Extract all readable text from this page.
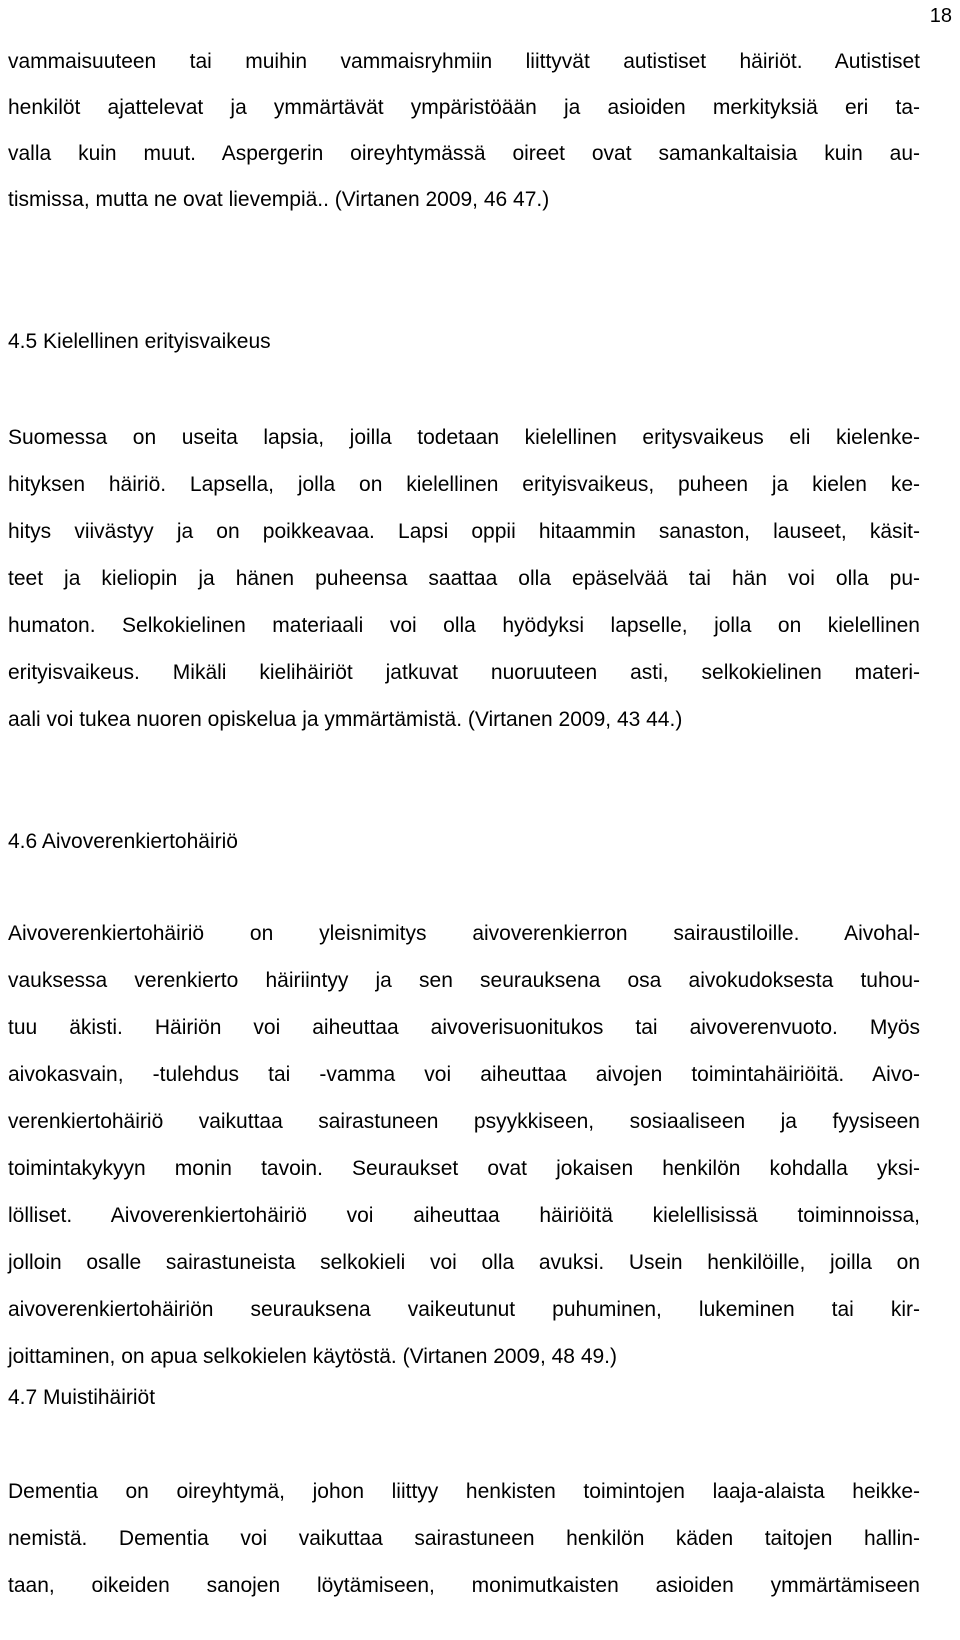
18
vammaisuuteen tai muihin vammaisryhmiin liittyvät autistiset häiriöt. Autistiset
henkilöt ajattelevat ja ymmärtävät ympäristöään ja asioiden merkityksiä eri ta-
valla kuin muut. Aspergerin oireyhtymässä oireet ovat samankaltaisia kuin au-
tismissa, mutta ne ovat lievempiä.. (Virtanen 2009, 46 47.)
4.5 Kielellinen erityisvaikeus
Suomessa on useita lapsia, joilla todetaan kielellinen eritysvaikeus eli kielenke-
hityksen häiriö. Lapsella, jolla on kielellinen erityisvaikeus, puheen ja kielen ke-
hitys viivästyy ja on poikkeavaa. Lapsi oppii hitaammin sanaston, lauseet, käsit-
teet ja kieliopin ja hänen puheensa saattaa olla epäselvää tai hän voi olla pu-
humaton. Selkokielinen materiaali voi olla hyödyksi lapselle, jolla on kielellinen
erityisvaikeus. Mikäli kielihäiriöt jatkuvat nuoruuteen asti, selkokielinen materi-
aali voi tukea nuoren opiskelua ja ymmärtämistä. (Virtanen 2009, 43 44.)
4.6 Aivoverenkiertohäiriö
Aivoverenkiertohäiriö on yleisnimitys aivoverenkierron sairaustiloille. Aivohal-
vauksessa verenkierto häiriintyy ja sen seurauksena osa aivokudoksesta tuhou-
tuu äkisti. Häiriön voi aiheuttaa aivoverisuonitukos tai aivoverenvuoto. Myös
aivokasvain, -tulehdus tai -vamma voi aiheuttaa aivojen toimintahäiriöitä. Aivo-
verenkiertohäiriö vaikuttaa sairastuneen psyykkiseen, sosiaaliseen ja fyysiseen
toimintakykyyn monin tavoin. Seuraukset ovat jokaisen henkilön kohdalla yksi-
lölliset. Aivoverenkiertohäiriö voi aiheuttaa häiriöitä kielellisissä toiminnoissa,
jolloin osalle sairastuneista selkokieli voi olla avuksi. Usein henkilöille, joilla on
aivoverenkiertohäiriön seurauksena vaikeutunut puhuminen, lukeminen tai kir-
joittaminen, on apua selkokielen käytöstä. (Virtanen 2009, 48 49.)
4.7 Muistihäiriöt
Dementia on oireyhtymä, johon liittyy henkisten toimintojen laaja-alaista heikke-
nemistä. Dementia voi vaikuttaa sairastuneen henkilön käden taitojen hallin-
taan, oikeiden sanojen löytämiseen, monimutkaisten asioiden ymmärtämiseen
